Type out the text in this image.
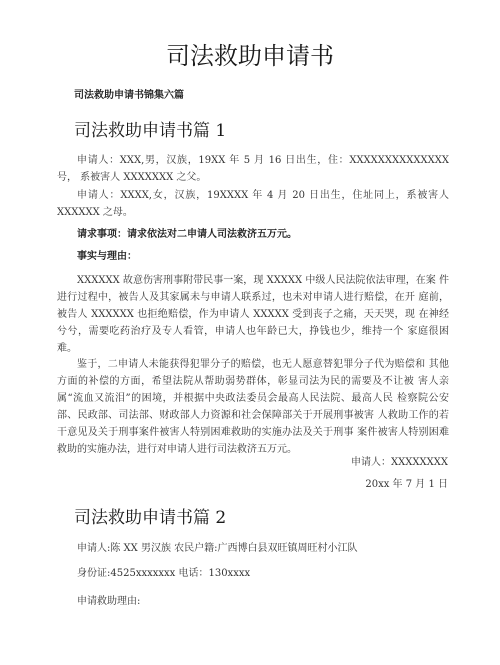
司法救助申请书
司法救助申请书锦集六篇
司法救助申请书篇 1
申请人：XXX,男，汉族，19XX 年 5 月 16 日出生，住：XXXXXXXXXXXXXX 号， 系被害人 XXXXXXX 之父。
申请人：XXXX,女，汉族，19XXXX 年 4 月 20 日出生，住址同上，系被害人 XXXXXX 之母。
请求事项：请求依法对二申请人司法救济五万元。
事实与理由：
XXXXXX 故意伤害刑事附带民事一案，现 XXXXX 中级人民法院依法审理，在案 件进行过程中，被告人及其家属未与申请人联系过，也未对申请人进行赔偿，在开 庭前，被告人 XXXXXX 也拒绝赔偿，作为申请人 XXXXX 受到丧子之痛，天天哭，现 在神经兮兮，需要吃药治疗及专人看管，申请人也年龄已大，挣钱也少，维持一个 家庭很困难。
鉴于，二申请人未能获得犯罪分子的赔偿，也无人愿意替犯罪分子代为赔偿和 其他方面的补偿的方面，希望法院从帮助弱势群体，彰显司法为民的需要及不让被 害人亲属“流血又流泪”的困境，并根据中央政法委员会最高人民法院、最高人民 检察院公安部、民政部、司法部、财政部人力资源和社会保障部关于开展刑事被害 人救助工作的若干意见及关于刑事案件被害人特别困难救助的实施办法及关于刑事 案件被害人特别困难救助的实施办法，进行对申请人进行司法救济五万元。
申请人：XXXXXXXX
20xx 年 7 月 1 日
司法救助申请书篇 2
申请人:陈 XX 男汉族 农民户籍:广西博白县双旺镇周旺村小江队
身份证:4525xxxxxxx 电话：130xxxx
申请救助理由:
